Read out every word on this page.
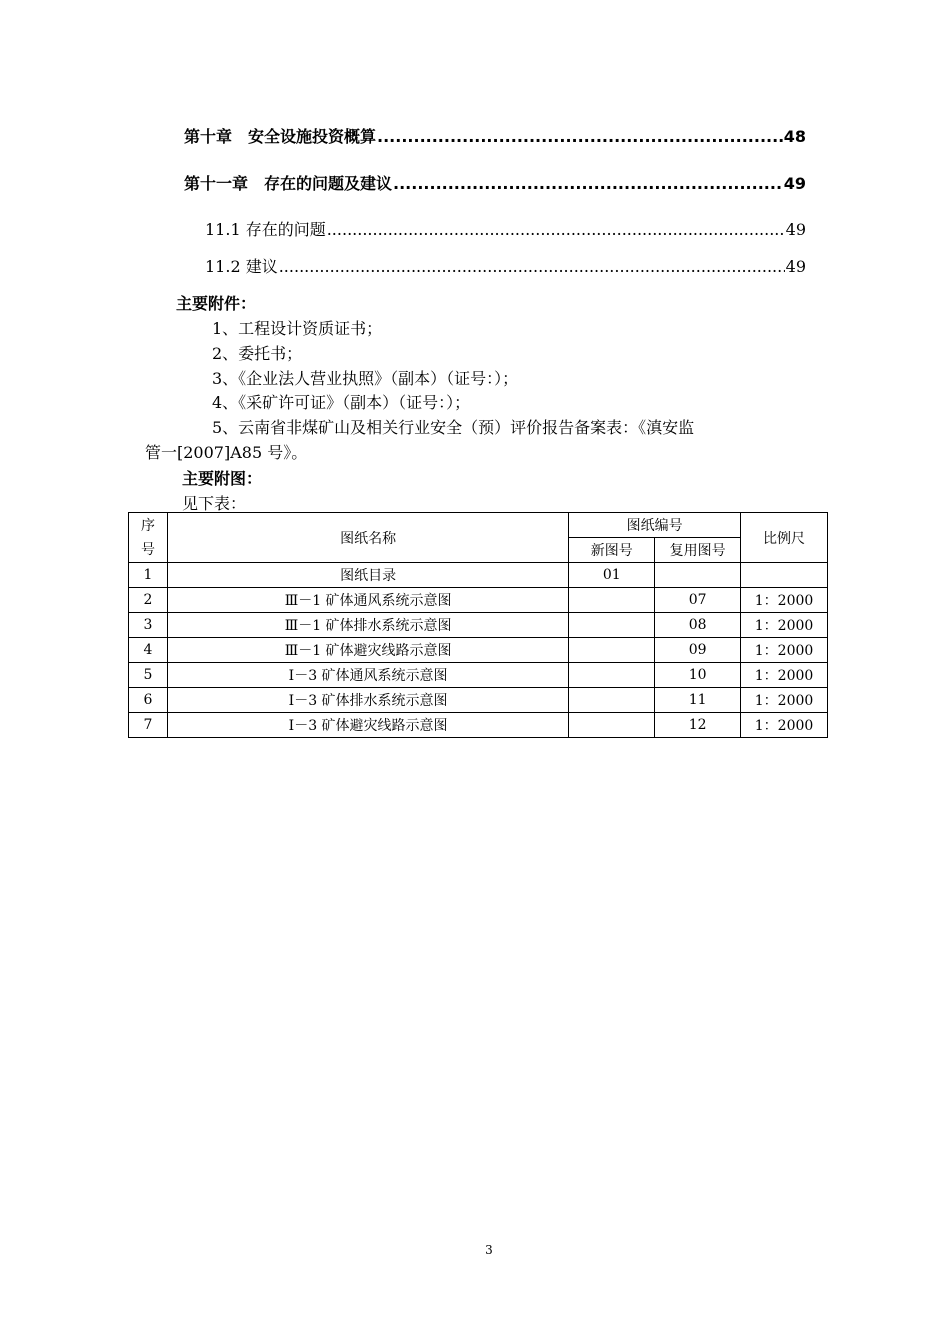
第十章　安全设施投资概算 .....	48
第十一章　存在的问题及建议 .....	49
11.1 存在的问题 .....	49
11.2 建议 .....	49
主要附件：
1、工程设计资质证书；
2、委托书；
3、《企业法人营业执照》（副本）（证号：）；
4、《采矿许可证》（副本）（证号：）；
5、云南省非煤矿山及相关行业安全（预）评价报告备案表：《滇安监
管一[2007]A85 号》。
主要附图：
见下表：
序号	图纸名称	图纸编号		比例尺
		新图号	复用图号	
1	图纸目录	01		
2	Ⅲ－1 矿体通风系统示意图		07	1：2000
3	Ⅲ－1 矿体排水系统示意图		08	1：2000
4	Ⅲ－1 矿体避灾线路示意图		09	1：2000
5	Ⅰ－3 矿体通风系统示意图		10	1：2000
6	Ⅰ－3 矿体排水系统示意图		11	1：2000
7	Ⅰ－3 矿体避灾线路示意图		12	1：2000
3
